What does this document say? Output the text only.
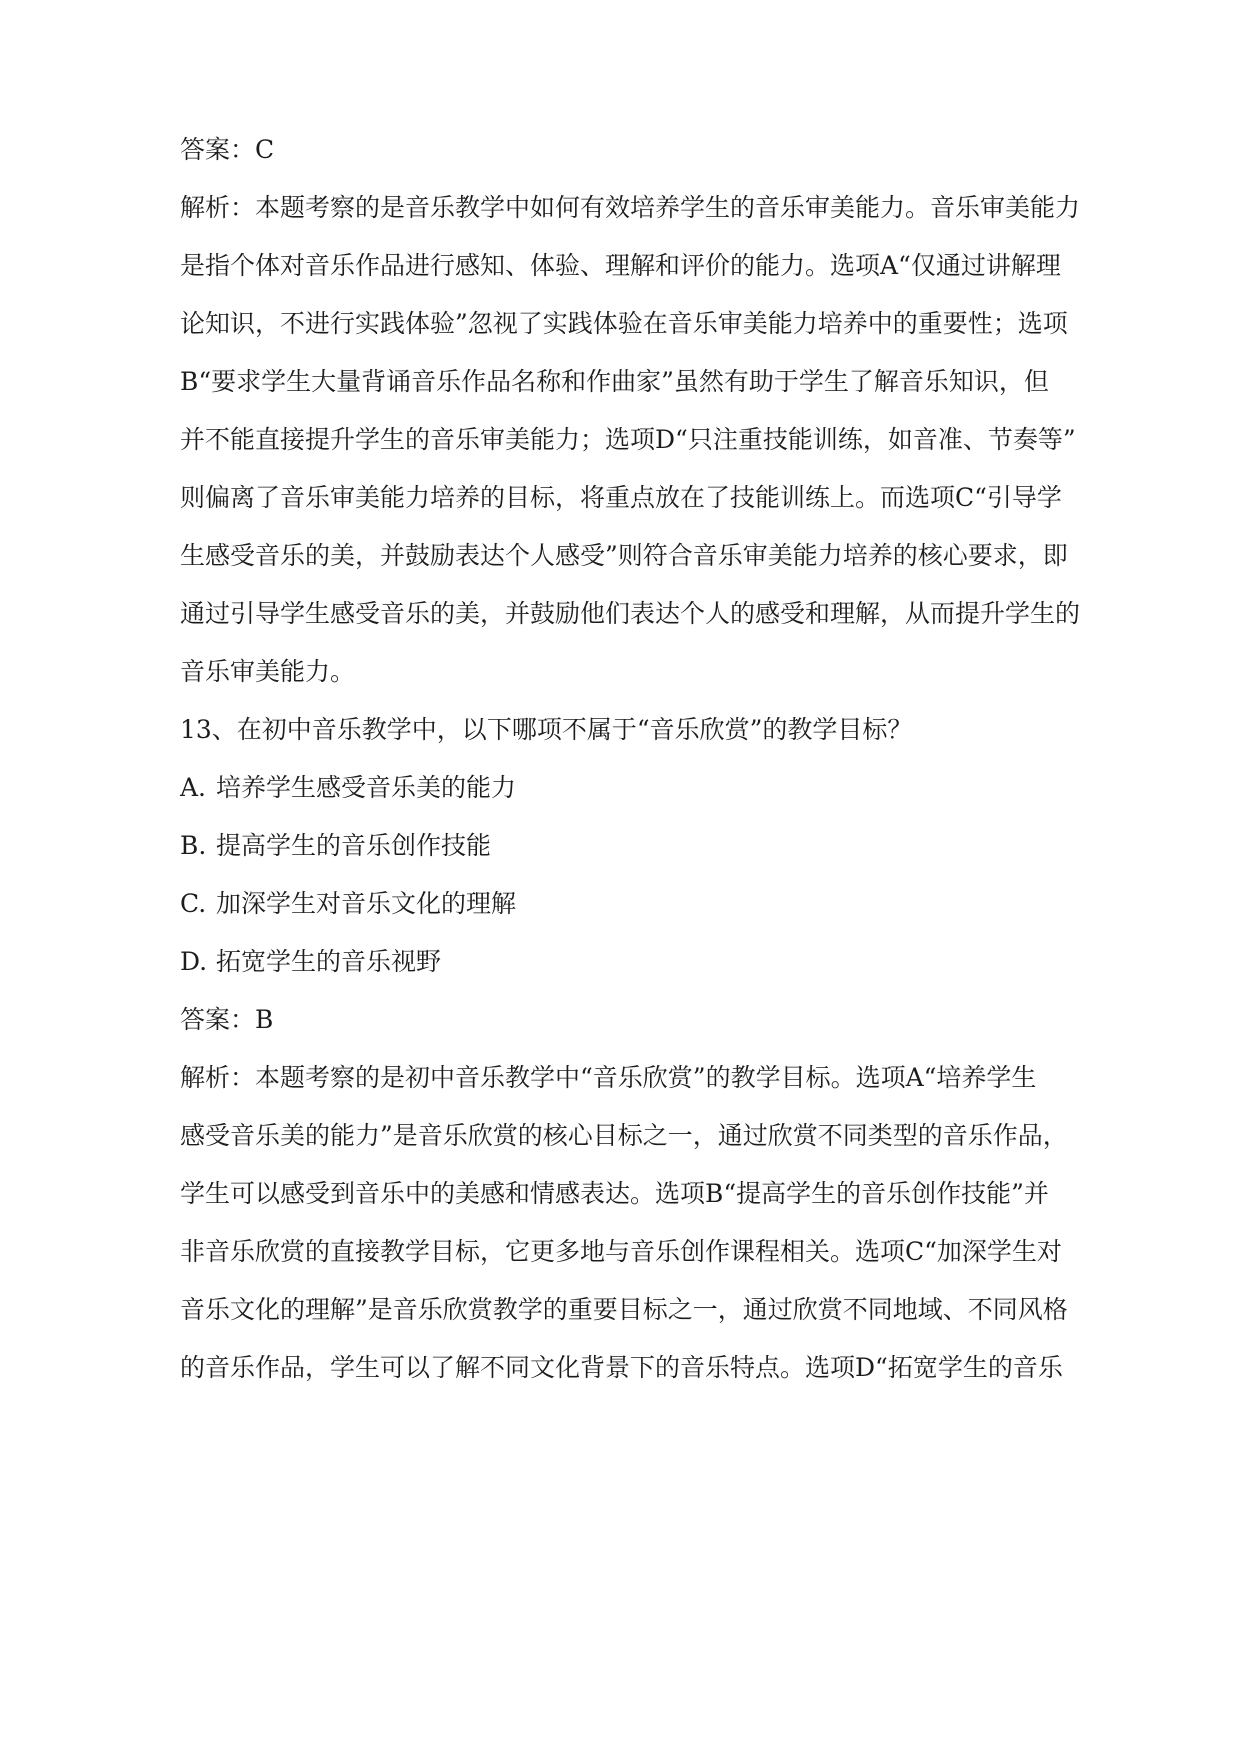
答案：C
解析：本题考察的是音乐教学中如何有效培养学生的音乐审美能力。音乐审美能力
是指个体对音乐作品进行感知、体验、理解和评价的能力。选项A“仅通过讲解理
论知识，不进行实践体验”忽视了实践体验在音乐审美能力培养中的重要性；选项
B“要求学生大量背诵音乐作品名称和作曲家”虽然有助于学生了解音乐知识，但
并不能直接提升学生的音乐审美能力；选项D“只注重技能训练，如音准、节奏等”
则偏离了音乐审美能力培养的目标，将重点放在了技能训练上。而选项C“引导学
生感受音乐的美，并鼓励表达个人感受”则符合音乐审美能力培养的核心要求，即
通过引导学生感受音乐的美，并鼓励他们表达个人的感受和理解，从而提升学生的
音乐审美能力。
13、在初中音乐教学中，以下哪项不属于“音乐欣赏”的教学目标？
A. 培养学生感受音乐美的能力
B. 提高学生的音乐创作技能
C. 加深学生对音乐文化的理解
D. 拓宽学生的音乐视野
答案：B
解析：本题考察的是初中音乐教学中“音乐欣赏”的教学目标。选项A“培养学生
感受音乐美的能力”是音乐欣赏的核心目标之一，通过欣赏不同类型的音乐作品，
学生可以感受到音乐中的美感和情感表达。选项B“提高学生的音乐创作技能”并
非音乐欣赏的直接教学目标，它更多地与音乐创作课程相关。选项C“加深学生对
音乐文化的理解”是音乐欣赏教学的重要目标之一，通过欣赏不同地域、不同风格
的音乐作品，学生可以了解不同文化背景下的音乐特点。选项D“拓宽学生的音乐
